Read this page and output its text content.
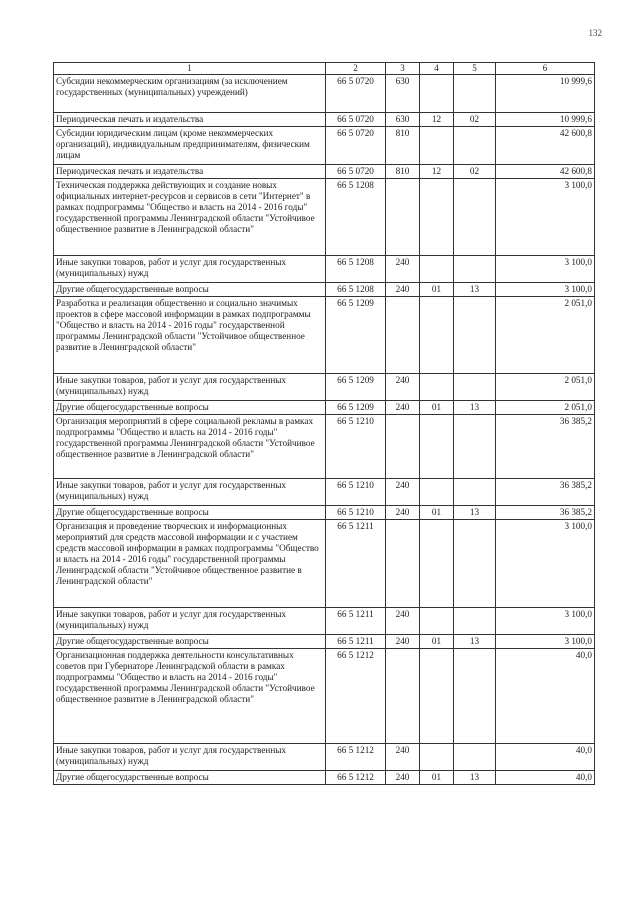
132
1	2	3	4	5	6
Субсидии некоммерческим организациям (за исключением государственных (муниципальных) учреждений)	66 5 0720	630			10 999,6
Периодическая печать и издательства	66 5 0720	630	12	02	10 999,6
Субсидии юридическим лицам (кроме некоммерческих организаций), индивидуальным предпринимателям, физическим лицам	66 5 0720	810			42 600,8
Периодическая печать и издательства	66 5 0720	810	12	02	42 600,8
Техническая поддержка действующих и создание новых официальных интернет-ресурсов и сервисов в сети "Интернет" в рамках подпрограммы "Общество и власть на 2014 - 2016 годы" государственной программы Ленинградской области "Устойчивое общественное развитие в Ленинградской области"	66 5 1208				3 100,0
Иные закупки товаров, работ и услуг для государственных (муниципальных) нужд	66 5 1208	240			3 100,0
Другие общегосударственные вопросы	66 5 1208	240	01	13	3 100,0
Разработка и реализация общественно и социально значимых проектов в сфере массовой информации в рамках подпрограммы "Общество и власть на 2014 - 2016 годы" государственной программы Ленинградской области "Устойчивое общественное развитие в Ленинградской области"	66 5 1209				2 051,0
Иные закупки товаров, работ и услуг для государственных (муниципальных) нужд	66 5 1209	240			2 051,0
Другие общегосударственные вопросы	66 5 1209	240	01	13	2 051,0
Организация мероприятий в сфере социальной рекламы в рамках подпрограммы "Общество и власть на 2014 - 2016 годы" государственной программы Ленинградской области "Устойчивое общественное развитие в Ленинградской области"	66 5 1210				36 385,2
Иные закупки товаров, работ и услуг для государственных (муниципальных) нужд	66 5 1210	240			36 385,2
Другие общегосударственные вопросы	66 5 1210	240	01	13	36 385,2
Организация и проведение творческих и информационных мероприятий для средств массовой информации и с участием средств массовой информации в рамках подпрограммы "Общество и власть на 2014 - 2016 годы" государственной программы Ленинградской области "Устойчивое общественное развитие в Ленинградской области"	66 5 1211				3 100,0
Иные закупки товаров, работ и услуг для государственных (муниципальных) нужд	66 5 1211	240			3 100,0
Другие общегосударственные вопросы	66 5 1211	240	01	13	3 100,0
Организационная поддержка деятельности консультативных советов при Губернаторе Ленинградской области в рамках подпрограммы "Общество и власть на 2014 - 2016 годы" государственной программы Ленинградской области "Устойчивое общественное развитие в Ленинградской области"	66 5 1212				40,0
Иные закупки товаров, работ и услуг для государственных (муниципальных) нужд	66 5 1212	240			40,0
Другие общегосударственные вопросы	66 5 1212	240	01	13	40,0
